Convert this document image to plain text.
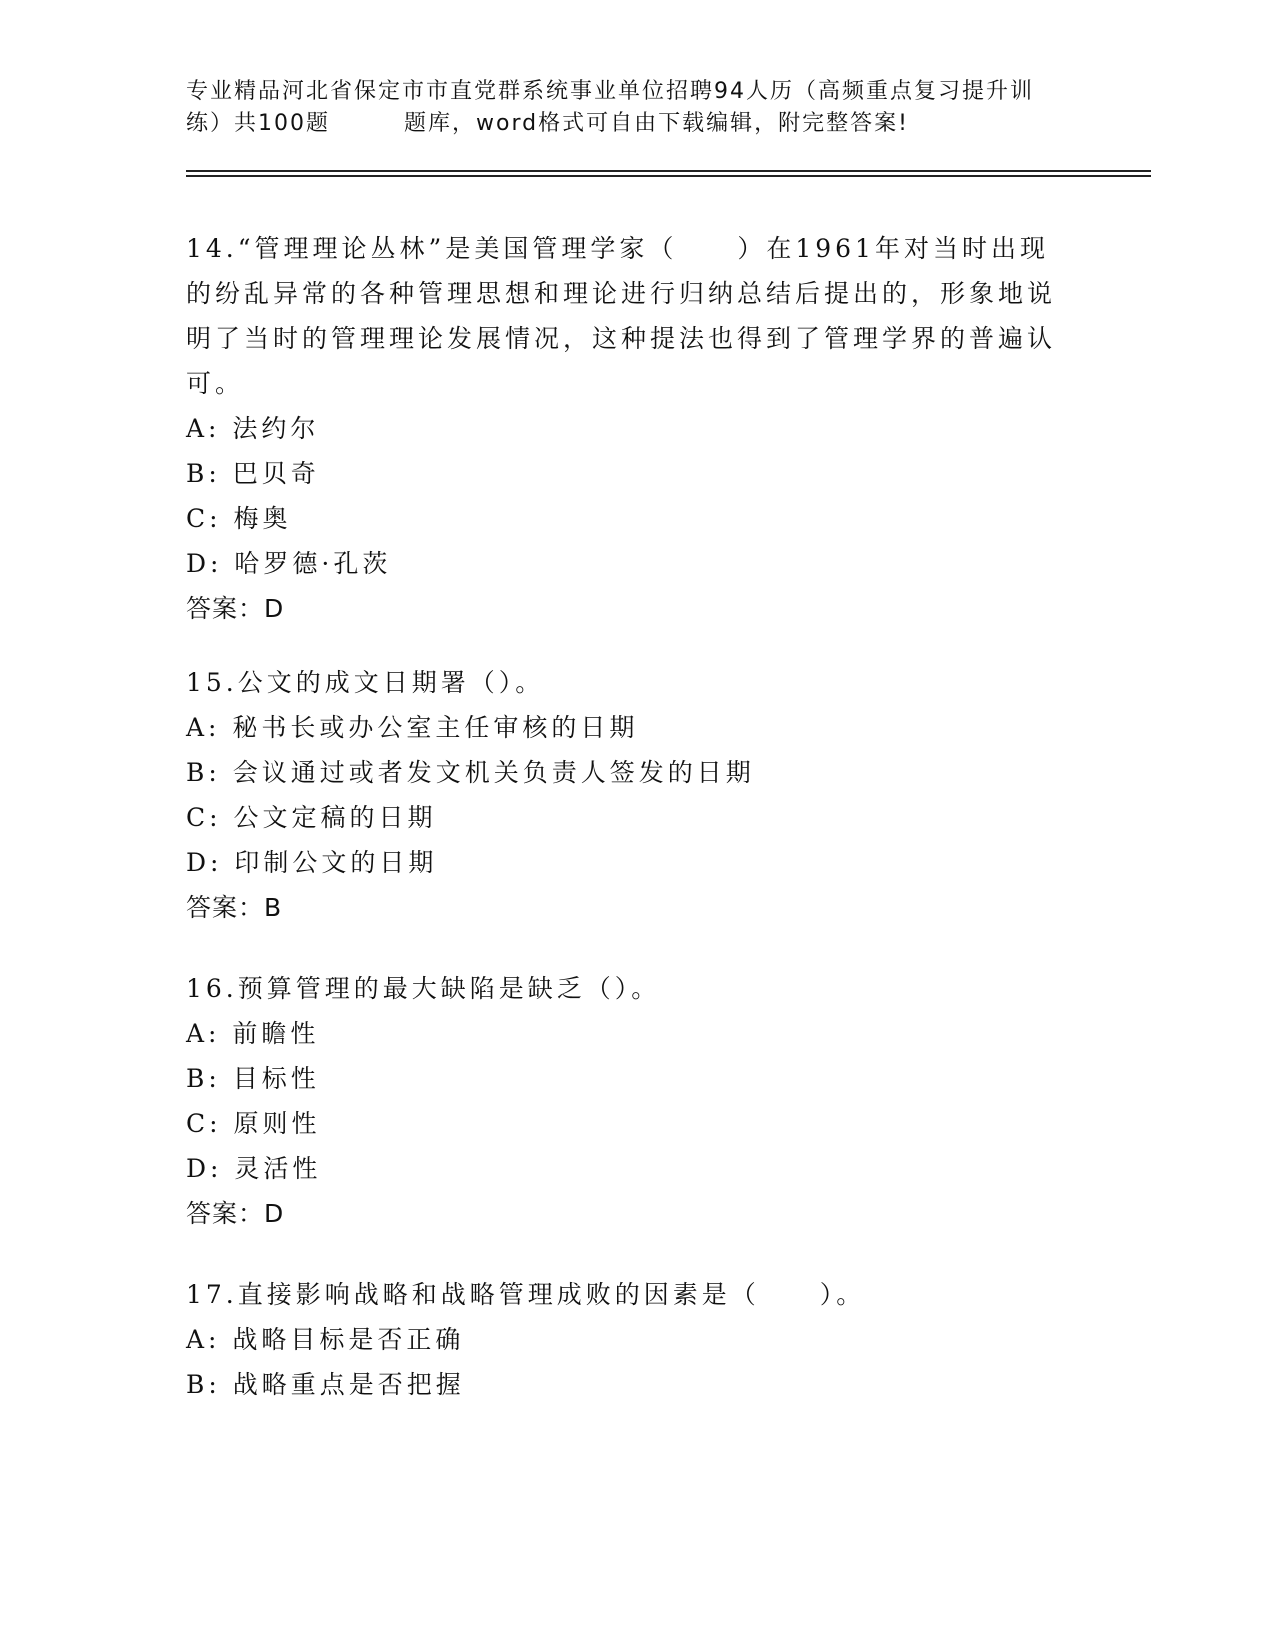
专业精品河北省保定市市直党群系统事业单位招聘94人历（高频重点复习提升训
练）共100题	题库，word格式可自由下载编辑，附完整答案!
14.“管理理论丛林”是美国管理学家（ ）在1961年对当时出现的纷乱异常的各种管理思想和理论进行归纳总结后提出的，形象地说明了当时的管理理论发展情况，这种提法也得到了管理学界的普遍认可。
A: 法约尔
B: 巴贝奇
C: 梅奥
D: 哈罗德·孔茨
答案：D
15.公文的成文日期署（）。
A: 秘书长或办公室主任审核的日期
B: 会议通过或者发文机关负责人签发的日期
C: 公文定稿的日期
D: 印制公文的日期
答案：B
16.预算管理的最大缺陷是缺乏（）。
A: 前瞻性
B: 目标性
C: 原则性
D: 灵活性
答案：D
17.直接影响战略和战略管理成败的因素是（ ）。
A: 战略目标是否正确
B: 战略重点是否把握
